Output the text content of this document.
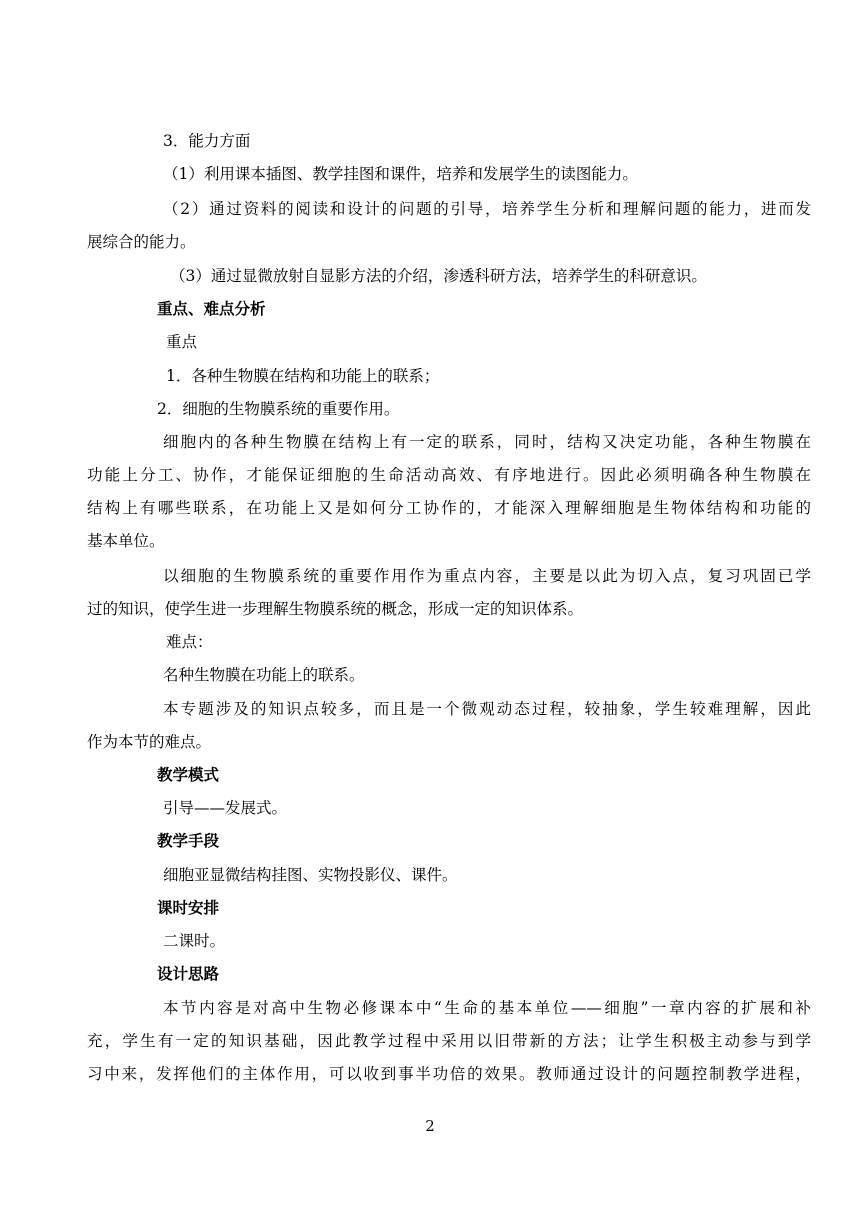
3．能力方面
（1）利用课本插图、教学挂图和课件，培养和发展学生的读图能力。
（2）通过资料的阅读和设计的问题的引导，培养学生分析和理解问题的能力，进而发
展综合的能力。
（3）通过显微放射自显影方法的介绍，渗透科研方法，培养学生的科研意识。
重点、难点分析
重点
1．各种生物膜在结构和功能上的联系；
2．细胞的生物膜系统的重要作用。
细胞内的各种生物膜在结构上有一定的联系，同时，结构又决定功能，各种生物膜在
功能上分工、协作，才能保证细胞的生命活动高效、有序地进行。因此必须明确各种生物膜在
结构上有哪些联系，在功能上又是如何分工协作的，才能深入理解细胞是生物体结构和功能的
基本单位。
以细胞的生物膜系统的重要作用作为重点内容，主要是以此为切入点，复习巩固已学
过的知识，使学生进一步理解生物膜系统的概念，形成一定的知识体系。
难点：
名种生物膜在功能上的联系。
本专题涉及的知识点较多，而且是一个微观动态过程，较抽象，学生较难理解，因此
作为本节的难点。
教学模式
引导——发展式。
教学手段
细胞亚显微结构挂图、实物投影仪、课件。
课时安排
二课时。
设计思路
本节内容是对高中生物必修课本中“生命的基本单位——细胞”一章内容的扩展和补
充，学生有一定的知识基础，因此教学过程中采用以旧带新的方法；让学生积极主动参与到学
习中来，发挥他们的主体作用，可以收到事半功倍的效果。教师通过设计的问题控制教学进程，
2
